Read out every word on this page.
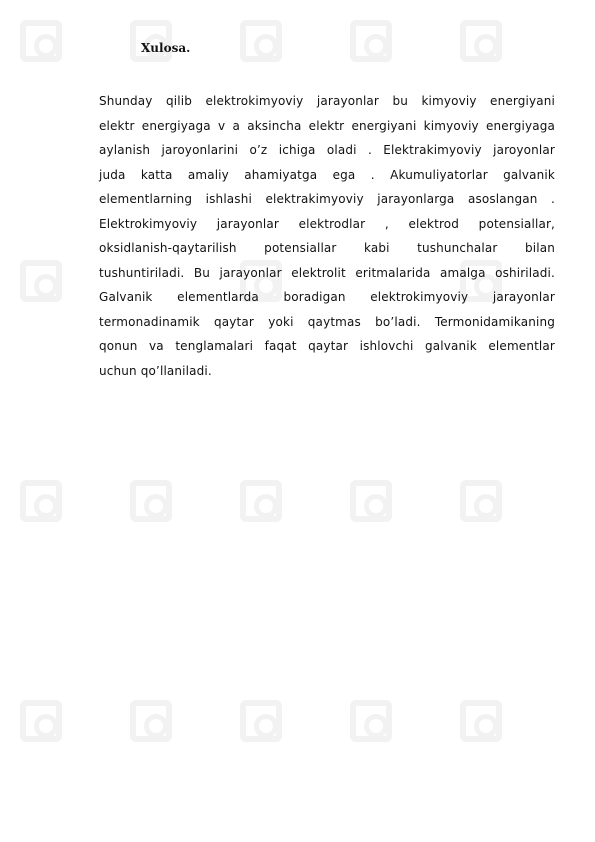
Xulosa.
Shunday qilib elektrokimyoviy jarayonlar bu kimyoviy energiyani
elektr energiyaga v a aksincha elektr energiyani kimyoviy energiyaga
aylanish jaroyonlarini o’z ichiga oladi . Elektrakimyoviy jaroyonlar
juda katta amaliy ahamiyatga ega . Akumuliyatorlar galvanik
elementlarning ishlashi elektrakimyoviy jarayonlarga asoslangan .
Elektrokimyoviy jarayonlar elektrodlar , elektrod potensiallar,
oksidlanish-qaytarilish potensiallar kabi tushunchalar bilan
tushuntiriladi. Bu jarayonlar elektrolit eritmalarida amalga oshiriladi.
Galvanik elementlarda boradigan elektrokimyoviy jarayonlar
termonadinamik qaytar yoki qaytmas bo’ladi. Termonidamikaning
qonun va tenglamalari faqat qaytar ishlovchi galvanik elementlar
uchun qo’llaniladi.
